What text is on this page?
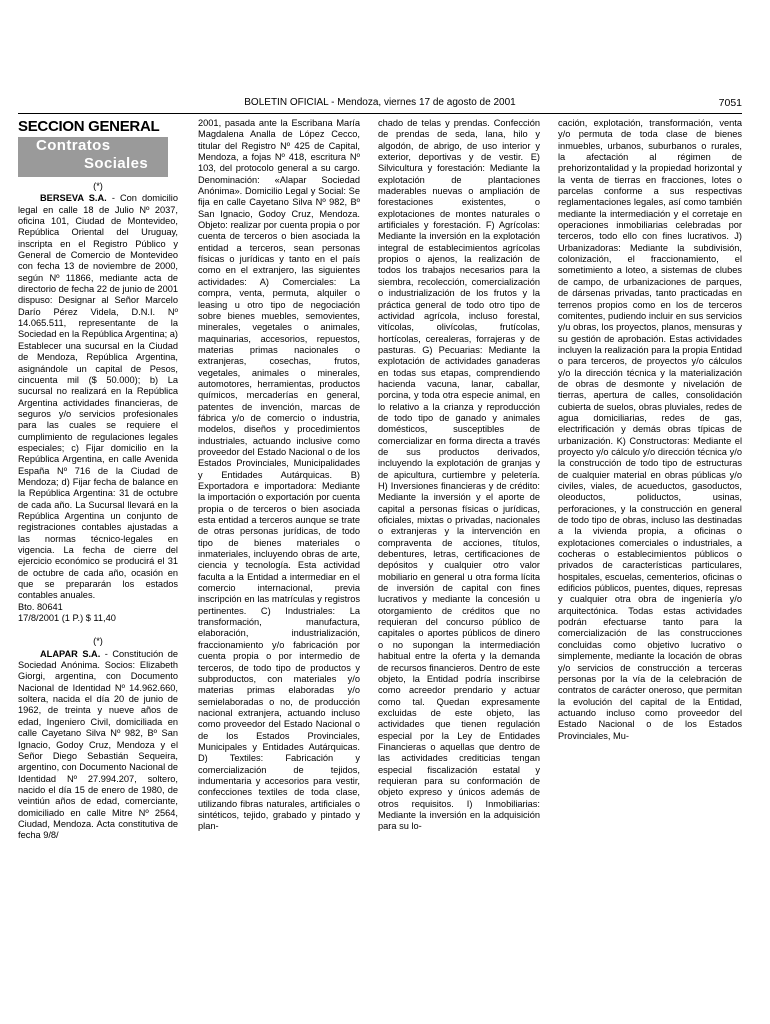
BOLETIN OFICIAL - Mendoza, viernes 17 de agosto de 2001	7051
SECCION GENERAL
Contratos
Sociales
(*)

BERSEVA S.A. - Con domicilio legal en calle 18 de Julio Nº 2037, oficina 101, Ciudad de Montevideo, República Oriental del Uruguay, inscripta en el Registro Público y General de Comercio de Montevideo con fecha 13 de noviembre de 2000, según Nº 11866, mediante acta de directorio de fecha 22 de junio de 2001 dispuso: Designar al Señor Marcelo Darío Pérez Videla, D.N.I. Nº 14.065.511, representante de la Sociedad en la República Argentina; a) Establecer una sucursal en la Ciudad de Mendoza, República Argentina, asignándole un capital de Pesos, cincuenta mil ($ 50.000); b) La sucursal no realizará en la República Argentina actividades financieras, de seguros y/o servicios profesionales para las cuales se requiere el cumplimiento de regulaciones legales especiales; c) Fijar domicilio en la República Argentina, en calle Avenida España Nº 716 de la Ciudad de Mendoza; d) Fijar fecha de balance en la República Argentina: 31 de octubre de cada año. La Sucursal llevará en la República Argentina un conjunto de registraciones contables ajustadas a las normas técnico-legales en vigencia. La fecha de cierre del ejercicio económico se producirá el 31 de octubre de cada año, ocasión en que se prepararán los estados contables anuales.

Bto. 80641

17/8/2001 (1 P.) $ 11,40

(*)

ALAPAR S.A. - Constitución de Sociedad Anónima. Socios: Elizabeth Giorgi, argentina, con Documento Nacional de Identidad Nº 14.962.660, soltera, nacida el día 20 de junio de 1962, de treinta y nueve años de edad, Ingeniero Civil, domiciliada en calle Cayetano Silva Nº 982, Bº San Ignacio, Godoy Cruz, Mendoza y el Señor Diego Sebastián Sequeira, argentino, con Documento Nacional de Identidad Nº 27.994.207, soltero, nacido el día 15 de enero de 1980, de veintiún años de edad, comerciante, domiciliado en calle Mitre Nº 2564, Ciudad, Mendoza. Acta constitutiva de fecha 9/8/

2001, pasada ante la Escribana María Magdalena Analla de López Cecco, titular del Registro Nº 425 de Capital, Mendoza, a fojas Nº 418, escritura Nº 103, del protocolo general a su cargo. Denominación: «Alapar Sociedad Anónima». Domicilio Legal y Social: Se fija en calle Cayetano Silva Nº 982, Bº San Ignacio, Godoy Cruz, Mendoza. Objeto: realizar por cuenta propia o por cuenta de terceros o bien asociada la entidad a terceros, sean personas físicas o jurídicas y tanto en el país como en el extranjero, las siguientes actividades: A) Comerciales: La compra, venta, permuta, alquiler o leasing u otro tipo de negociación sobre bienes muebles, semovientes, minerales, vegetales o animales, maquinarias, accesorios, repuestos, materias primas nacionales o extranjeras, cosechas, frutos, vegetales, animales o minerales, automotores, herramientas, productos químicos, mercaderías en general, patentes de invención, marcas de fábrica y/o de comercio o industria, modelos, diseños y procedimientos industriales, actuando inclusive como proveedor del Estado Nacional o de los Estados Provinciales, Municipalidades y Entidades Autárquicas. B) Exportadora e importadora: Mediante la importación o exportación por cuenta propia o de terceros o bien asociada esta entidad a terceros aunque se trate de otras personas jurídicas, de todo tipo de bienes materiales o inmateriales, incluyendo obras de arte, ciencia y tecnología. Esta actividad faculta a la Entidad a intermediar en el comercio internacional, previa inscripción en las matrículas y registros pertinentes. C) Industriales: La transformación, manufactura, elaboración, industrialización, fraccionamiento y/o fabricación por cuenta propia o por intermedio de terceros, de todo tipo de productos y subproductos, con materiales y/o materias primas elaboradas y/o semielaboradas o no, de producción nacional extranjera, actuando incluso como proveedor del Estado Nacional o de los Estados Provinciales, Municipales y Entidades Autárquicas. D) Textiles: Fabricación y comercialización de tejidos, indumentaria y accesorios para vestir, confecciones textiles de toda clase, utilizando fibras naturales, artificiales o sintéticos, tejido, grabado y pintado y plan-

chado de telas y prendas. Confección de prendas de seda, lana, hilo y algodón, de abrigo, de uso interior y exterior, deportivas y de vestir. E) Silvicultura y forestación: Mediante la explotación de plantaciones maderables nuevas o ampliación de forestaciones existentes, o explotaciones de montes naturales o artificiales y forestación. F) Agrícolas: Mediante la inversión en la explotación integral de establecimientos agrícolas propios o ajenos, la realización de todos los trabajos necesarios para la siembra, recolección, comercialización o industrialización de los frutos y la práctica general de todo otro tipo de actividad agrícola, incluso forestal, vitícolas, olivícolas, frutícolas, hortícolas, cerealeras, forrajeras y de pasturas. G) Pecuarias: Mediante la explotación de actividades ganaderas en todas sus etapas, comprendiendo hacienda vacuna, lanar, caballar, porcina, y toda otra especie animal, en lo relativo a la crianza y reproducción de todo tipo de ganado y animales domésticos, susceptibles de comercializar en forma directa a través de sus productos derivados, incluyendo la explotación de granjas y de apicultura, curtiembre y peletería. H) Inversiones financieras y de crédito: Mediante la inversión y el aporte de capital a personas físicas o jurídicas, oficiales, mixtas o privadas, nacionales o extranjeras y la intervención en compraventa de acciones, títulos, debentures, letras, certificaciones de depósitos y cualquier otro valor mobiliario en general u otra forma lícita de inversión de capital con fines lucrativos y mediante la concesión u otorgamiento de créditos que no requieran del concurso público de capitales o aportes públicos de dinero o no supongan la intermediación habitual entre la oferta y la demanda de recursos financieros. Dentro de este objeto, la Entidad podría inscribirse como acreedor prendario y actuar como tal. Quedan expresamente excluidas de este objeto, las actividades que tienen regulación especial por la Ley de Entidades Financieras o aquellas que dentro de las actividades crediticias tengan especial fiscalización estatal y requieran para su conformación de objeto expreso y únicos además de otros requisitos. I) Inmobiliarias: Mediante la inversión en la adquisición para su lo-

cación, explotación, transformación, venta y/o permuta de toda clase de bienes inmuebles, urbanos, suburbanos o rurales, la afectación al régimen de prehorizontalidad y la propiedad horizontal y la venta de tierras en fracciones, lotes o parcelas conforme a sus respectivas reglamentaciones legales, así como también mediante la intermediación y el corretaje en operaciones inmobiliarias celebradas por terceros, todo ello con fines lucrativos. J) Urbanizadoras: Mediante la subdivisión, colonización, el fraccionamiento, el sometimiento a loteo, a sistemas de clubes de campo, de urbanizaciones de parques, de dársenas privadas, tanto practicadas en terrenos propios como en los de terceros comitentes, pudiendo incluir en sus servicios y/u obras, los proyectos, planos, mensuras y su gestión de aprobación. Estas actividades incluyen la realización para la propia Entidad o para terceros, de proyectos y/o cálculos y/o la dirección técnica y la materialización de obras de desmonte y nivelación de tierras, apertura de calles, consolidación cubierta de suelos, obras pluviales, redes de agua domiciliarias, redes de gas, electrificación y demás obras típicas de urbanización. K) Constructoras: Mediante el proyecto y/o cálculo y/o dirección técnica y/o la construcción de todo tipo de estructuras de cualquier material en obras públicas y/o civiles, viales, de acueductos, gasoductos, oleoductos, poliductos, usinas, perforaciones, y la construcción en general de todo tipo de obras, incluso las destinadas a la vivienda propia, a oficinas o explotaciones comerciales o industriales, a cocheras o establecimientos públicos o privados de características particulares, hospitales, escuelas, cementerios, oficinas o edificios públicos, puentes, diques, represas y cualquier otra obra de ingeniería y/o arquitectónica. Todas estas actividades podrán efectuarse tanto para la comercialización de las construcciones concluidas como objetivo lucrativo o simplemente, mediante la locación de obras y/o servicios de construcción a terceras personas por la vía de la celebración de contratos de carácter oneroso, que permitan la evolución del capital de la Entidad, actuando incluso como proveedor del Estado Nacional o de los Estados Provinciales, Mu-
